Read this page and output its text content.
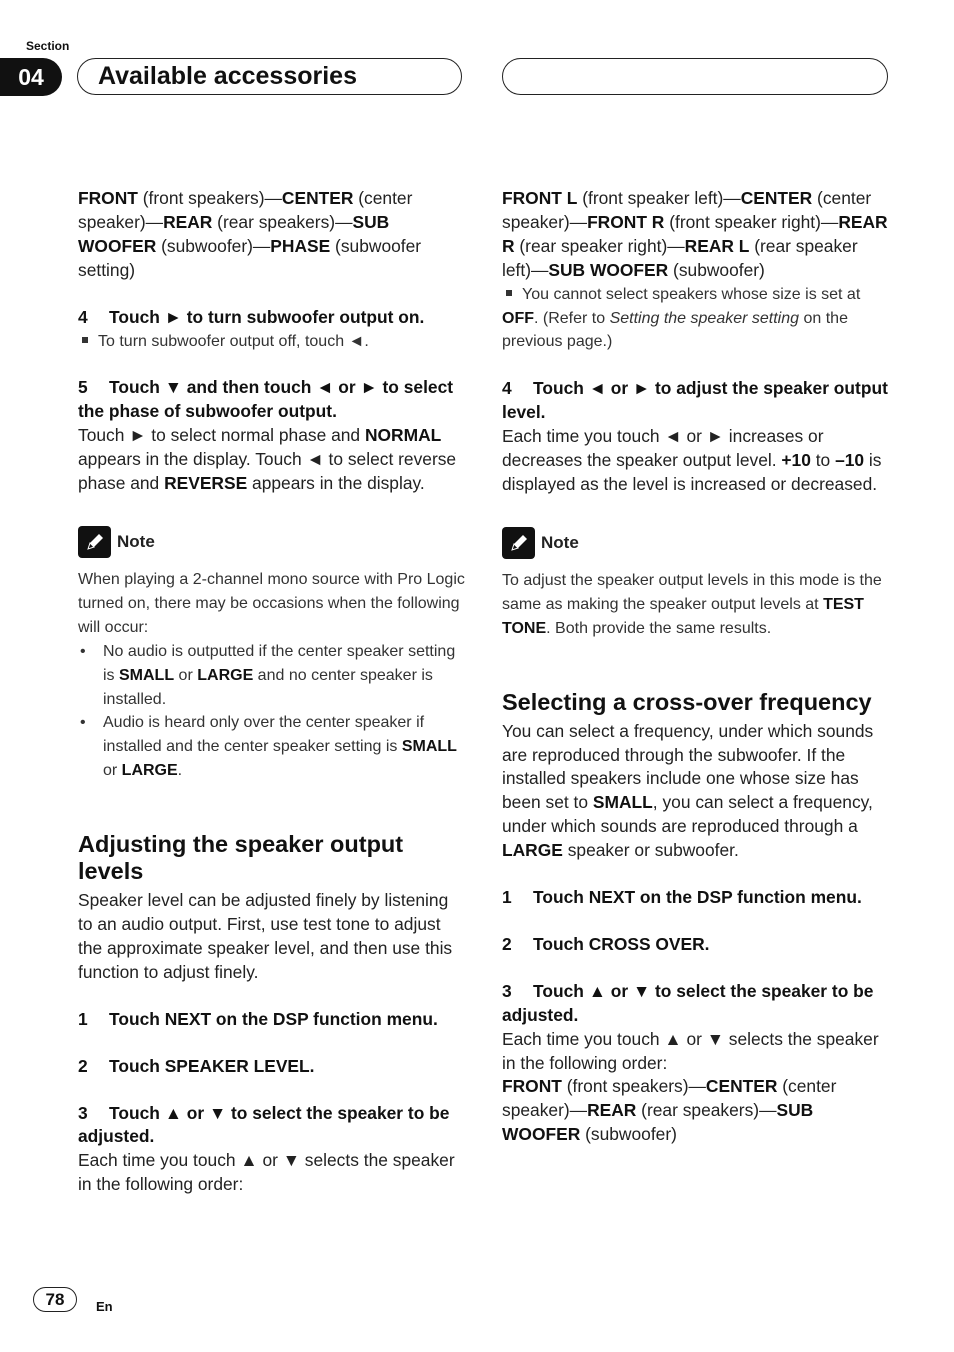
Section
04	Available accessories

FRONT (front speakers)—CENTER (center speaker)—REAR (rear speakers)—SUB WOOFER (subwoofer)—PHASE (subwoofer setting)

4 Touch ► to turn subwoofer output on.

To turn subwoofer output off, touch ◄.

5 Touch ▼ and then touch ◄ or ► to select the phase of subwoofer output.

Touch ► to select normal phase and NORMAL appears in the display. Touch ◄ to select reverse phase and REVERSE appears in the display.

Note

When playing a 2-channel mono source with Pro Logic turned on, there may be occasions when the following will occur:

• No audio is outputted if the center speaker setting is SMALL or LARGE and no center speaker is installed.
• Audio is heard only over the center speaker if installed and the center speaker setting is SMALL or LARGE.
Adjusting the speaker output levels

Speaker level can be adjusted finely by listening to an audio output. First, use test tone to adjust the approximate speaker level, and then use this function to adjust finely.

1 Touch NEXT on the DSP function menu.

2 Touch SPEAKER LEVEL.

3 Touch ▲ or ▼ to select the speaker to be adjusted.

Each time you touch ▲ or ▼ selects the speaker in the following order:

FRONT L (front speaker left)—CENTER (center speaker)—FRONT R (front speaker right)—REAR R (rear speaker right)—REAR L (rear speaker left)—SUB WOOFER (subwoofer)

You cannot select speakers whose size is set at OFF. (Refer to Setting the speaker setting on the previous page.)

4 Touch ◄ or ► to adjust the speaker output level.

Each time you touch ◄ or ► increases or decreases the speaker output level. +10 to –10 is displayed as the level is increased or decreased.

Note

To adjust the speaker output levels in this mode is the same as making the speaker output levels at TEST TONE. Both provide the same results.

Selecting a cross-over frequency

You can select a frequency, under which sounds are reproduced through the subwoofer. If the installed speakers include one whose size has been set to SMALL, you can select a frequency, under which sounds are reproduced through a LARGE speaker or subwoofer.

1 Touch NEXT on the DSP function menu.

2 Touch CROSS OVER.

3 Touch ▲ or ▼ to select the speaker to be adjusted.

Each time you touch ▲ or ▼ selects the speaker in the following order:

FRONT (front speakers)—CENTER (center speaker)—REAR (rear speakers)—SUB WOOFER (subwoofer)

78	En
